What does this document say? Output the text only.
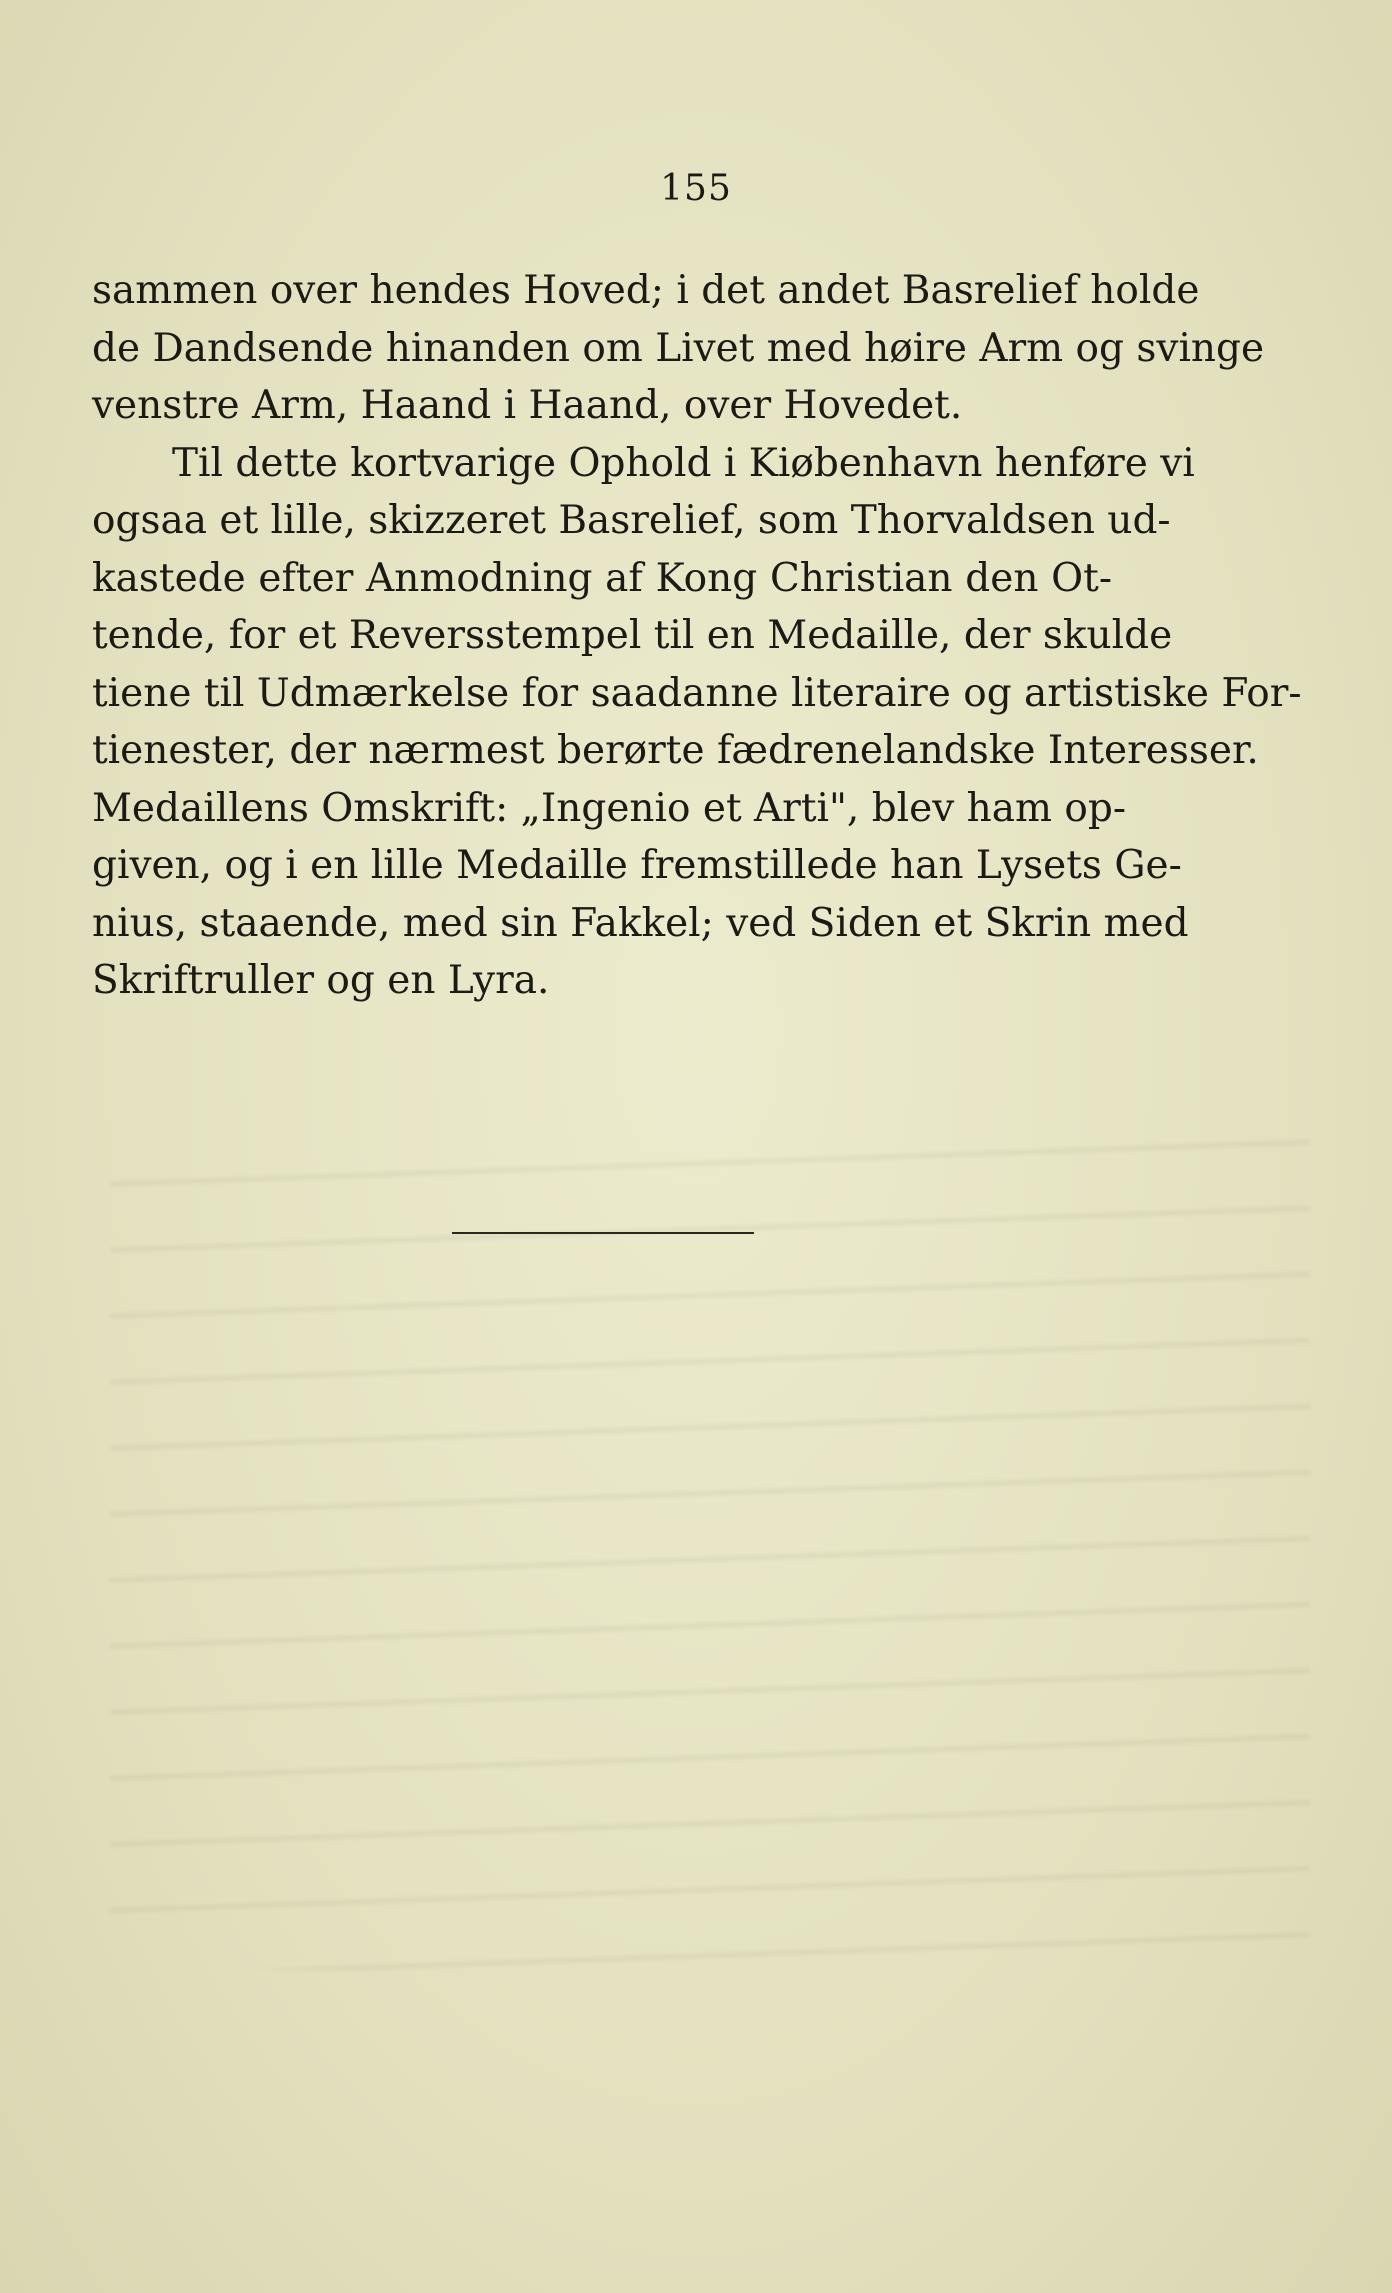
155
sammen over hendes Hoved; i det andet Basrelief holde
de Dandsende hinanden om Livet med høire Arm og svinge
venstre Arm, Haand i Haand, over Hovedet.
Til dette kortvarige Ophold i Kiøbenhavn henføre vi
ogsaa et lille, skizzeret Basrelief, som Thorvaldsen ud-
kastede efter Anmodning af Kong Christian den Ot-
tende, for et Reversstempel til en Medaille, der skulde
tiene til Udmærkelse for saadanne literaire og artistiske For-
tienester, der nærmest berørte fædrenelandske Interesser.
Medaillens Omskrift: „Ingenio et Arti", blev ham op-
given, og i en lille Medaille fremstillede han Lysets Ge-
nius, staaende, med sin Fakkel; ved Siden et Skrin med
Skriftruller og en Lyra.
